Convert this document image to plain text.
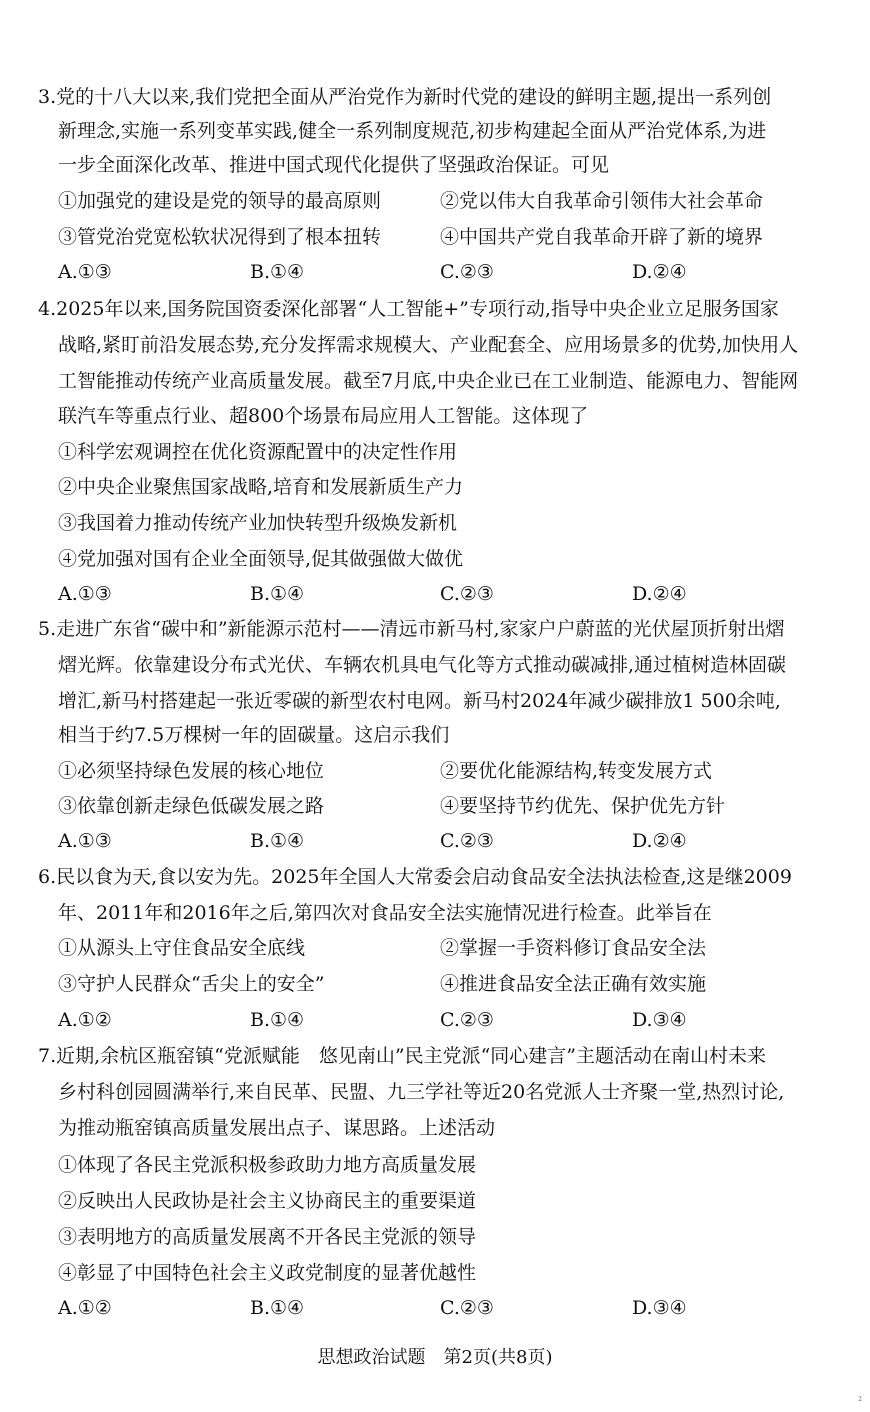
3.党的十八大以来,我们党把全面从严治党作为新时代党的建设的鲜明主题,提出一系列创
新理念,实施一系列变革实践,健全一系列制度规范,初步构建起全面从严治党体系,为进
一步全面深化改革、推进中国式现代化提供了坚强政治保证。可见
①加强党的建设是党的领导的最高原则	②党以伟大自我革命引领伟大社会革命
③管党治党宽松软状况得到了根本扭转	④中国共产党自我革命开辟了新的境界
A.①③	B.①④	C.②③	D.②④
4.2025年以来,国务院国资委深化部署“人工智能+”专项行动,指导中央企业立足服务国家
战略,紧盯前沿发展态势,充分发挥需求规模大、产业配套全、应用场景多的优势,加快用人
工智能推动传统产业高质量发展。截至7月底,中央企业已在工业制造、能源电力、智能网
联汽车等重点行业、超800个场景布局应用人工智能。这体现了
①科学宏观调控在优化资源配置中的决定性作用
②中央企业聚焦国家战略,培育和发展新质生产力
③我国着力推动传统产业加快转型升级焕发新机
④党加强对国有企业全面领导,促其做强做大做优
A.①③	B.①④	C.②③	D.②④
5.走进广东省“碳中和”新能源示范村——清远市新马村,家家户户蔚蓝的光伏屋顶折射出熠
熠光辉。依靠建设分布式光伏、车辆农机具电气化等方式推动碳减排,通过植树造林固碳
增汇,新马村搭建起一张近零碳的新型农村电网。新马村2024年减少碳排放1 500余吨,
相当于约7.5万棵树一年的固碳量。这启示我们
①必须坚持绿色发展的核心地位	②要优化能源结构,转变发展方式
③依靠创新走绿色低碳发展之路	④要坚持节约优先、保护优先方针
A.①③	B.①④	C.②③	D.②④
6.民以食为天,食以安为先。2025年全国人大常委会启动食品安全法执法检查,这是继2009
年、2011年和2016年之后,第四次对食品安全法实施情况进行检查。此举旨在
①从源头上守住食品安全底线	②掌握一手资料修订食品安全法
③守护人民群众“舌尖上的安全”	④推进食品安全法正确有效实施
A.①②	B.①④	C.②③	D.③④
7.近期,余杭区瓶窑镇“党派赋能　悠见南山”民主党派“同心建言”主题活动在南山村未来
乡村科创园圆满举行,来自民革、民盟、九三学社等近20名党派人士齐聚一堂,热烈讨论,
为推动瓶窑镇高质量发展出点子、谋思路。上述活动
①体现了各民主党派积极参政助力地方高质量发展
②反映出人民政协是社会主义协商民主的重要渠道
③表明地方的高质量发展离不开各民主党派的领导
④彰显了中国特色社会主义政党制度的显著优越性
A.①②	B.①④	C.②③	D.③④
思想政治试题　第2页(共8页)
2
